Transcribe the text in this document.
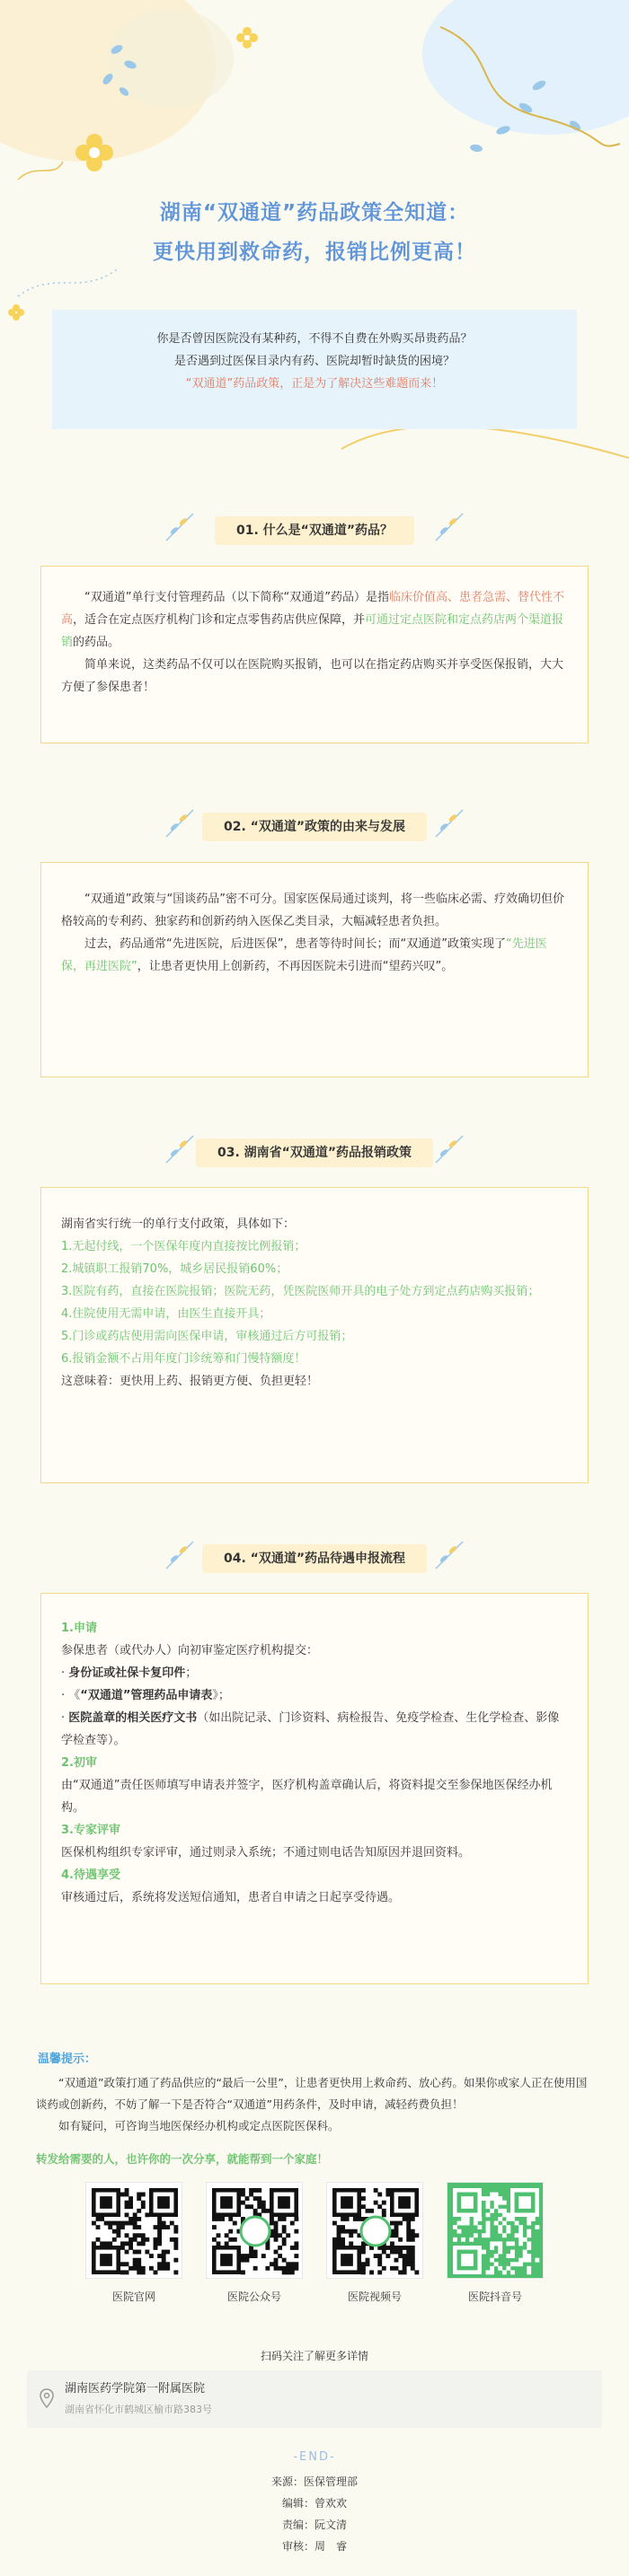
湖南“双通道”药品政策全知道：
更快用到救命药，报销比例更高！
你是否曾因医院没有某种药，不得不自费在外购买昂贵药品？
是否遇到过医保目录内有药、医院却暂时缺货的困境？
“双通道”药品政策，正是为了解决这些难题而来！
01. 什么是“双通道”药品？

“双通道”单行支付管理药品（以下简称“双通道”药品）是指临床价值高、患者急需、替代性不高，适合在定点医疗机构门诊和定点零售药店供应保障，并可通过定点医院和定点药店两个渠道报销的药品。

简单来说，这类药品不仅可以在医院购买报销，也可以在指定药店购买并享受医保报销，大大方便了参保患者！

02. “双通道”政策的由来与发展

“双通道”政策与“国谈药品”密不可分。国家医保局通过谈判，将一些临床必需、疗效确切但价格较高的专利药、独家药和创新药纳入医保乙类目录，大幅减轻患者负担。

过去，药品通常“先进医院，后进医保”，患者等待时间长；而“双通道”政策实现了“先进医保，再进医院”，让患者更快用上创新药，不再因医院未引进而“望药兴叹”。

03. 湖南省“双通道”药品报销政策
湖南省实行统一的单行支付政策，具体如下：
1.无起付线，一个医保年度内直接按比例报销；
2.城镇职工报销70%，城乡居民报销60%；
3.医院有药，直接在医院报销；医院无药，凭医院医师开具的电子处方到定点药店购买报销；
4.住院使用无需申请，由医生直接开具；
5.门诊或药店使用需向医保申请，审核通过后方可报销；
6.报销金额不占用年度门诊统筹和门慢特额度！
这意味着：更快用上药、报销更方便、负担更轻！
04. “双通道”药品待遇申报流程
1.申请
参保患者（或代办人）向初审鉴定医疗机构提交：
· 身份证或社保卡复印件；
· 《“双通道”管理药品申请表》；
· 医院盖章的相关医疗文书（如出院记录、门诊资料、病检报告、免疫学检查、生化学检查、影像学检查等）。
2.初审
由“双通道”责任医师填写申请表并签字，医疗机构盖章确认后，将资料提交至参保地医保经办机构。
3.专家评审
医保机构组织专家评审，通过则录入系统；不通过则电话告知原因并退回资料。
4.待遇享受
审核通过后，系统将发送短信通知，患者自申请之日起享受待遇。
温馨提示：

“双通道”政策打通了药品供应的“最后一公里”，让患者更快用上救命药、放心药。如果你或家人正在使用国谈药或创新药，不妨了解一下是否符合“双通道”用药条件，及时申请，减轻药费负担！

如有疑问，可咨询当地医保经办机构或定点医院医保科。

转发给需要的人，也许你的一次分享，就能帮到一个家庭！
医院官网	医院公众号	医院视频号	医院抖音号
扫码关注了解更多详情
湖南医药学院第一附属医院
湖南省怀化市鹤城区榆市路383号
-END-
来源：医保管理部
编辑：曾欢欢
责编：阮文清
审核：周　睿
